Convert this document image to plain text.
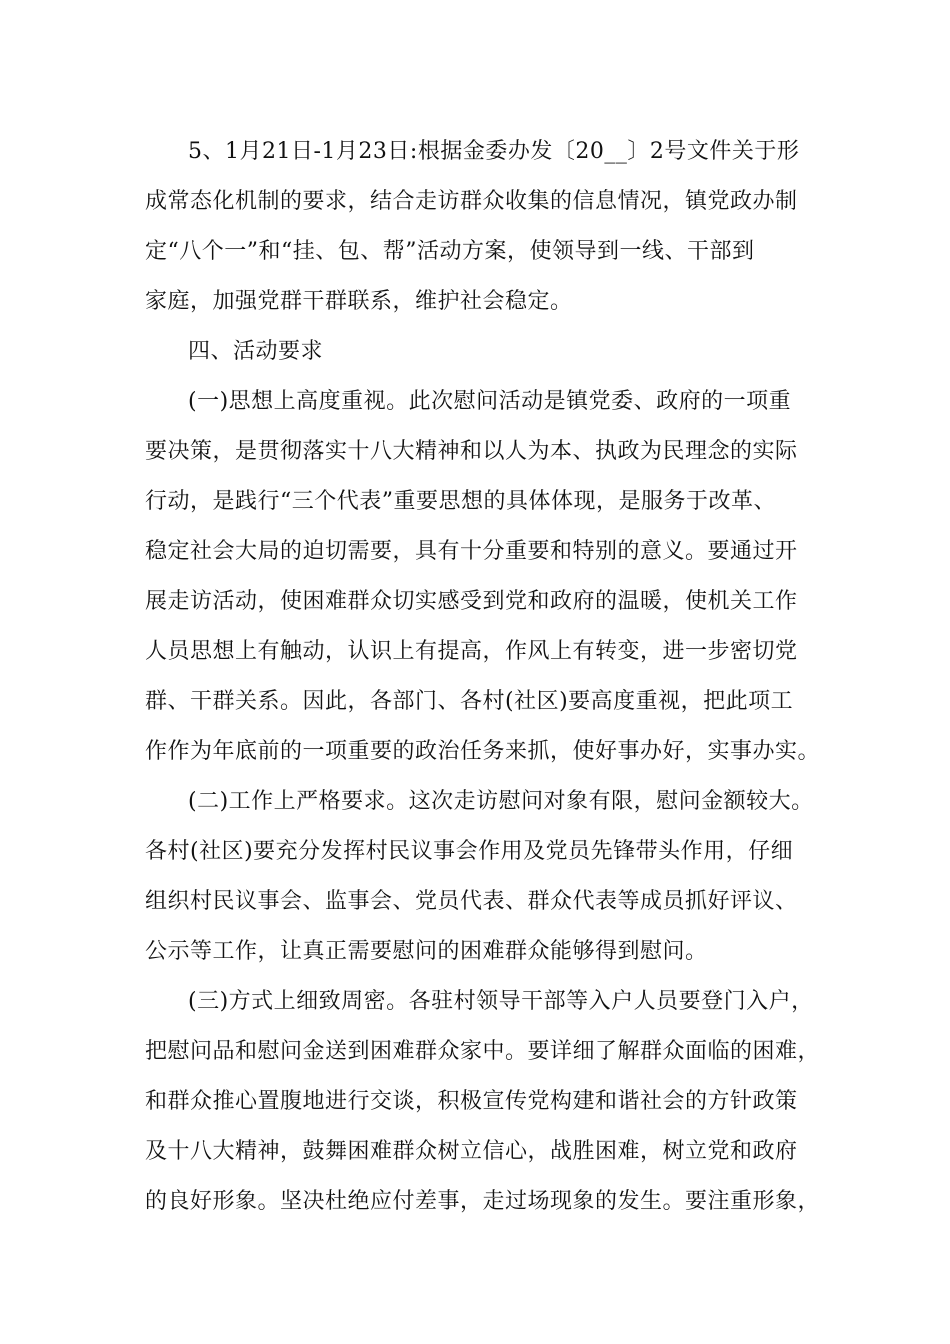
5、1月21日-1月23日:根据金委办发〔20__〕2号文件关于形
成常态化机制的要求，结合走访群众收集的信息情况，镇党政办制
定“八个一”和“挂、包、帮”活动方案，使领导到一线、干部到
家庭，加强党群干群联系，维护社会稳定。
四、活动要求
(一)思想上高度重视。此次慰问活动是镇党委、政府的一项重
要决策，是贯彻落实十八大精神和以人为本、执政为民理念的实际
行动，是践行“三个代表”重要思想的具体体现，是服务于改革、
稳定社会大局的迫切需要，具有十分重要和特别的意义。要通过开
展走访活动，使困难群众切实感受到党和政府的温暖，使机关工作
人员思想上有触动，认识上有提高，作风上有转变，进一步密切党
群、干群关系。因此，各部门、各村(社区)要高度重视，把此项工
作作为年底前的一项重要的政治任务来抓，使好事办好，实事办实。
(二)工作上严格要求。这次走访慰问对象有限，慰问金额较大。
各村(社区)要充分发挥村民议事会作用及党员先锋带头作用，仔细
组织村民议事会、监事会、党员代表、群众代表等成员抓好评议、
公示等工作，让真正需要慰问的困难群众能够得到慰问。
(三)方式上细致周密。各驻村领导干部等入户人员要登门入户，
把慰问品和慰问金送到困难群众家中。要详细了解群众面临的困难，
和群众推心置腹地进行交谈，积极宣传党构建和谐社会的方针政策
及十八大精神，鼓舞困难群众树立信心，战胜困难，树立党和政府
的良好形象。坚决杜绝应付差事，走过场现象的发生。要注重形象，
